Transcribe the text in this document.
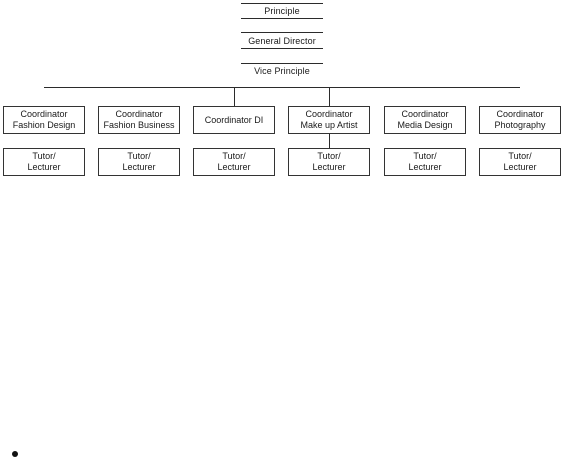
Principle
General Director
Vice Principle
Coordinator
Fashion Design
Coordinator
Fashion Business
Coordinator DI
Coordinator
Make up Artist
Coordinator
Media Design
Coordinator
Photography
Tutor/
Lecturer
Tutor/
Lecturer
Tutor/
Lecturer
Tutor/
Lecturer
Tutor/
Lecturer
Tutor/
Lecturer
